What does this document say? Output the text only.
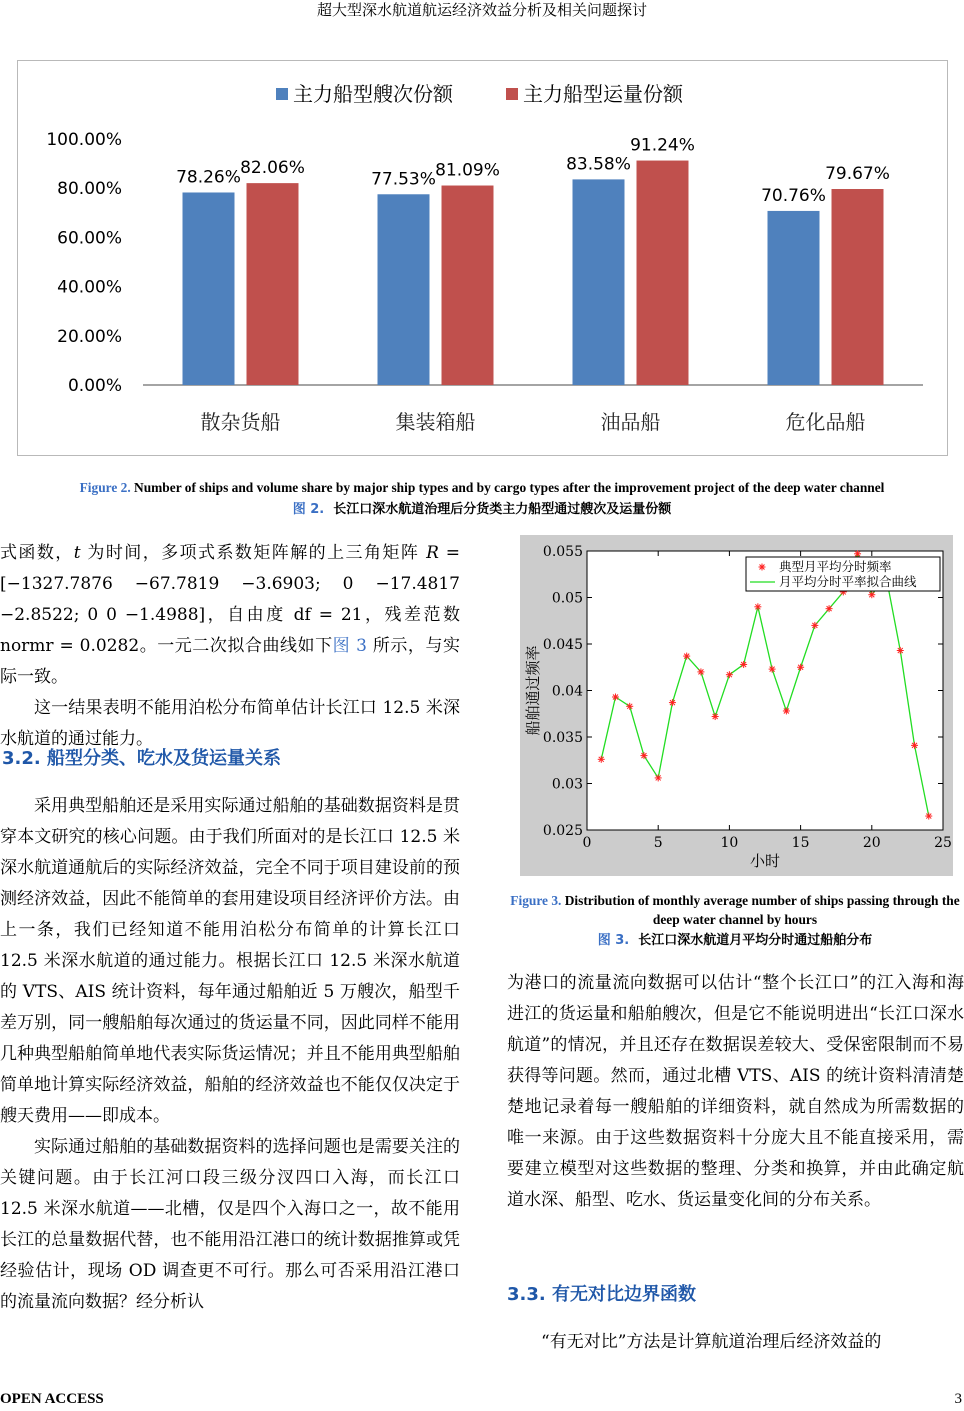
超大型深水航道航运经济效益分析及相关问题探讨
0.00%
20.00%
40.00%
60.00%
80.00%
100.00%
主力船型艘次份额	主力船型运量份额
78.26% 82.06%
散杂货船
77.53% 81.09%
集装箱船
83.58%
91.24%
油品船
70.76%
79.67%
危化品船
Figure 2. Number of ships and volume share by major ship types and by cargo types after the improvement project of the deep water channel
图 2. 长江口深水航道治理后分货类主力船型通过艘次及运量份额

式函数，t 为时间，多项式系数矩阵解的上三角矩阵 R = [−1327.7876 −67.7819 −3.6903; 0 −17.4817 −2.8522; 0 0 −1.4988]，自由度 df = 21，残差范数 normr = 0.0282。一元二次拟合曲线如下图 3 所示，与实际一致。

这一结果表明不能用泊松分布简单估计长江口 12.5 米深水航道的通过能力。

3.2. 船型分类、吃水及货运量关系

采用典型船舶还是采用实际通过船舶的基础数据资料是贯穿本文研究的核心问题。由于我们所面对的是长江口 12.5 米深水航道通航后的实际经济效益，完全不同于项目建设前的预测经济效益，因此不能简单的套用建设项目经济评价方法。由上一条，我们已经知道不能用泊松分布简单的计算长江口 12.5 米深水航道的通过能力。根据长江口 12.5 米深水航道的 VTS、AIS 统计资料，每年通过船舶近 5 万艘次，船型千差万别，同一艘船舶每次通过的货运量不同，因此同样不能用几种典型船舶简单地代表实际货运情况；并且不能用典型船舶简单地计算实际经济效益，船舶的经济效益也不能仅仅决定于艘天费用——即成本。

实际通过船舶的基础数据资料的选择问题也是需要关注的关键问题。由于长江河口段三级分汊四口入海，而长江口 12.5 米深水航道——北槽，仅是四个入海口之一，故不能用长江的总量数据代替，也不能用沿江港口的统计数据推算或凭经验估计，现场 OD 调查更不可行。那么可否采用沿江港口的流量流向数据？经分析认

0	5	10	15	20	25
0.025
0.03
0.035
0.04
0.045
0.05
0.055
小时
船舶通过频率
典型月平均分时频率
月平均分时平率拟合曲线
Figure 3. Distribution of monthly average number of ships passing through the deep water channel by hours
图 3. 长江口深水航道月平均分时通过船舶分布

为港口的流量流向数据可以估计“整个长江口”的江入海和海进江的货运量和船舶艘次，但是它不能说明进出“长江口深水航道”的情况，并且还存在数据误差较大、受保密限制而不易获得等问题。然而，通过北槽 VTS、AIS 的统计资料清清楚楚地记录着每一艘船舶的详细资料，就自然成为所需数据的唯一来源。由于这些数据资料十分庞大且不能直接采用，需要建立模型对这些数据的整理、分类和换算，并由此确定航道水深、船型、吃水、货运量变化间的分布关系。

3.3. 有无对比边界函数

“有无对比”方法是计算航道治理后经济效益的

OPEN ACCESS	3
